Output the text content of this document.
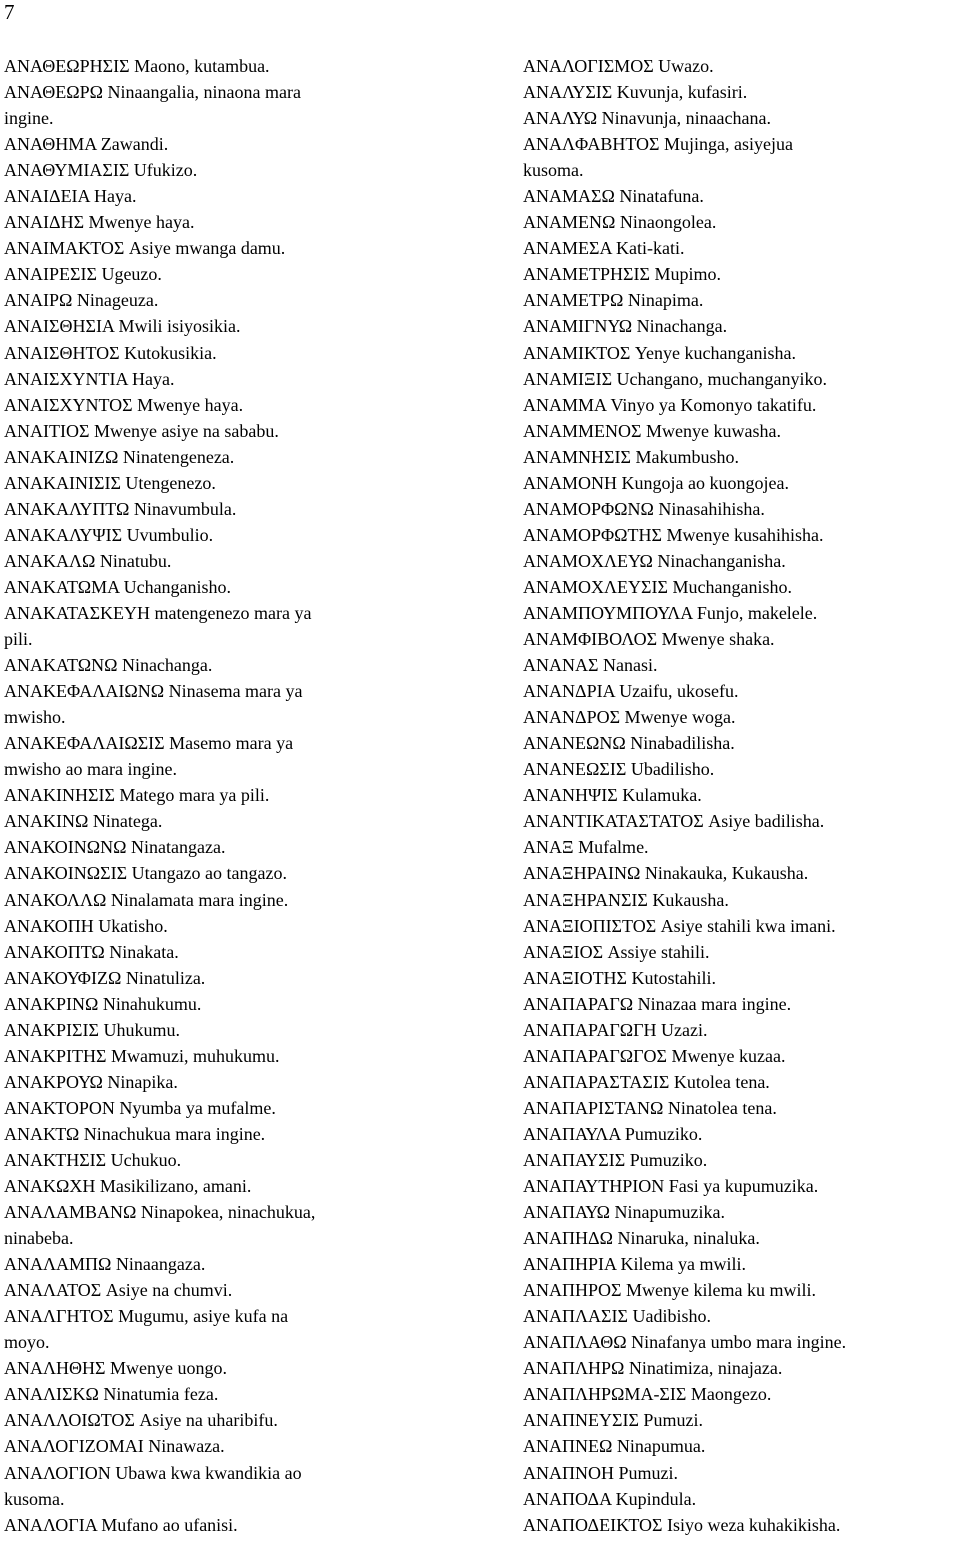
7
ΑΝΑΘΕΩΡΗΣΙΣ Maono, kutambua.
ΑΝΑΘΕΩΡΩ Ninaangalia, ninaona mara
ingine.
ΑΝΑΘΗΜΑ Zawandi.
ΑΝΑΘΥΜΙΑΣΙΣ Ufukizo.
ΑΝΑΙΔΕΙΑ Haya.
ΑΝΑΙΔΗΣ Mwenye haya.
ΑΝΑΙΜΑΚΤΟΣ Asiye mwanga damu.
ΑΝΑΙΡΕΣΙΣ Ugeuzo.
ΑΝΑΙΡΩ Ninageuza.
ΑΝΑΙΣΘΗΣΙΑ Mwili isiyosikia.
ΑΝΑΙΣΘΗΤΟΣ Kutokusikia.
ΑΝΑΙΣΧΥΝΤΙΑ Haya.
ΑΝΑΙΣΧΥΝΤΟΣ Mwenye haya.
ΑΝΑΙΤΙΟΣ Mwenye asiye na sababu.
ΑΝΑΚΑΙΝΙΖΩ Ninatengeneza.
ΑΝΑΚΑΙΝΙΣΙΣ Utengenezo.
ΑΝΑΚΑΛΥΠΤΩ Ninavumbula.
ΑΝΑΚΑΛΥΨΙΣ Uvumbulio.
ΑΝΑΚΑΛΩ Ninatubu.
ΑΝΑΚΑΤΩΜΑ Uchanganisho.
ΑΝΑΚΑΤΑΣΚΕΥΗ matengenezo mara ya
pili.
ΑΝΑΚΑΤΩΝΩ Ninachanga.
ΑΝΑΚΕΦΑΛΑΙΩΝΩ Ninasema mara ya
mwisho.
ΑΝΑΚΕΦΑΛΑΙΩΣΙΣ Masemo mara ya
mwisho ao mara ingine.
ΑΝΑΚΙΝΗΣΙΣ Matego mara ya pili.
ΑΝΑΚΙΝΩ Ninatega.
ΑΝΑΚΟΙΝΩΝΩ Ninatangaza.
ΑΝΑΚΟΙΝΩΣΙΣ Utangazo ao tangazo.
ΑΝΑΚΟΛΛΩ Ninalamata mara ingine.
ΑΝΑΚΟΠΗ Ukatisho.
ΑΝΑΚΟΠΤΩ Ninakata.
ΑΝΑΚΟΥΦΙΖΩ Ninatuliza.
ΑΝΑΚΡΙΝΩ Ninahukumu.
ΑΝΑΚΡΙΣΙΣ Uhukumu.
ΑΝΑΚΡΙΤΗΣ Mwamuzi, muhukumu.
ΑΝΑΚΡΟΥΩ Ninapika.
ΑΝΑΚΤΟΡΟΝ Nyumba ya mufalme.
ΑΝΑΚΤΩ Ninachukua mara ingine.
ΑΝΑΚΤΗΣΙΣ Uchukuo.
ΑΝΑΚΩΧΗ Masikilizano, amani.
ΑΝΑΛΑΜΒΑΝΩ Ninapokea, ninachukua,
ninabeba.
ΑΝΑΛΑΜΠΩ Ninaangaza.
ΑΝΑΛΑΤΟΣ Asiye na chumvi.
ΑΝΑΛΓΗΤΟΣ Mugumu, asiye kufa na
moyo.
ΑΝΑΛΗΘΗΣ Mwenye uongo.
ΑΝΑΛΙΣΚΩ Ninatumia feza.
ΑΝΑΛΛΟΙΩΤΟΣ Asiye na uharibifu.
ΑΝΑΛΟΓΙΖΟΜΑΙ Ninawaza.
ΑΝΑΛΟΓΙΟΝ Ubawa kwa kwandikia ao
kusoma.
ΑΝΑΛΟΓΙΑ Mufano ao ufanisi.
ΑΝΑΛΟΓΙΣΜΟΣ Uwazo.
ΑΝΑΛΥΣΙΣ Kuvunja, kufasiri.
ΑΝΑΛΥΩ Ninavunja, ninaachana.
ΑΝΑΛΦΑΒΗΤΟΣ Mujinga, asiyejua
kusoma.
ΑΝΑΜΑΣΩ Ninatafuna.
ΑΝΑΜΕΝΩ Ninaongolea.
ΑΝΑΜΕΣΑ Kati-kati.
ΑΝΑΜΕΤΡΗΣΙΣ Mupimo.
ΑΝΑΜΕΤΡΩ Ninapima.
ΑΝΑΜΙΓΝΥΩ Ninachanga.
ΑΝΑΜΙΚΤΟΣ Yenye kuchanganisha.
ΑΝΑΜΙΞΙΣ Uchangano, muchanganyiko.
ΑΝΑΜΜΑ Vinyo ya Komonyo takatifu.
ΑΝΑΜΜΕΝΟΣ Mwenye kuwasha.
ΑΝΑΜΝΗΣΙΣ Makumbusho.
ΑΝΑΜΟΝΗ Kungoja ao kuongojea.
ΑΝΑΜΟΡΦΩΝΩ Ninasahihisha.
ΑΝΑΜΟΡΦΩΤΗΣ Mwenye kusahihisha.
ΑΝΑΜΟΧΛΕΥΩ Ninachanganisha.
ΑΝΑΜΟΧΛΕΥΣΙΣ Muchanganisho.
ΑΝΑΜΠΟΥΜΠΟΥΛΑ Funjo, makelele.
ΑΝΑΜΦΙΒΟΛΟΣ Mwenye shaka.
ΑΝΑΝΑΣ Nanasi.
ΑΝΑΝΔΡΙΑ Uzaifu, ukosefu.
ΑΝΑΝΔΡΟΣ Mwenye woga.
ΑΝΑΝΕΩΝΩ Ninabadilisha.
ΑΝΑΝΕΩΣΙΣ Ubadilisho.
ΑΝΑΝΗΨΙΣ Kulamuka.
ΑΝΑΝΤΙΚΑΤΑΣΤΑΤΟΣ Asiye badilisha.
ΑΝΑΞ Mufalme.
ΑΝΑΞΗΡΑΙΝΩ Ninakauka, Kukausha.
ΑΝΑΞΗΡΑΝΣΙΣ Kukausha.
ΑΝΑΞΙΟΠΙΣΤΟΣ Asiye stahili kwa imani.
ΑΝΑΞΙΟΣ Assiye stahili.
ΑΝΑΞΙΟΤΗΣ Kutostahili.
ΑΝΑΠΑΡΑΓΩ Ninazaa mara ingine.
ΑΝΑΠΑΡΑΓΩΓΗ Uzazi.
ΑΝΑΠΑΡΑΓΩΓΟΣ Mwenye kuzaa.
ΑΝΑΠΑΡΑΣΤΑΣΙΣ Kutolea tena.
ΑΝΑΠΑΡΙΣΤΑΝΩ Ninatolea tena.
ΑΝΑΠΑΥΛΑ Pumuziko.
ΑΝΑΠΑΥΣΙΣ Pumuziko.
ΑΝΑΠΑΥΤΗΡΙΟΝ Fasi ya kupumuzika.
ΑΝΑΠΑΥΩ Ninapumuzika.
ΑΝΑΠΗΔΩ Ninaruka, ninaluka.
ΑΝΑΠΗΡΙΑ Kilema ya mwili.
ΑΝΑΠΗΡΟΣ Mwenye kilema ku mwili.
ΑΝΑΠΛΑΣΙΣ Uadibisho.
ΑΝΑΠΛΑΘΩ Ninafanya umbo mara ingine.
ΑΝΑΠΛΗΡΩ Ninatimiza, ninajaza.
ΑΝΑΠΛΗΡΩΜΑ-ΣΙΣ Maongezo.
ΑΝΑΠΝΕΥΣΙΣ Pumuzi.
ΑΝΑΠΝΕΩ Ninapumua.
ΑΝΑΠΝΟΗ Pumuzi.
ΑΝΑΠΟΔΑ Kupindula.
ΑΝΑΠΟΔΕΙΚΤΟΣ Isiyo weza kuhakikisha.
